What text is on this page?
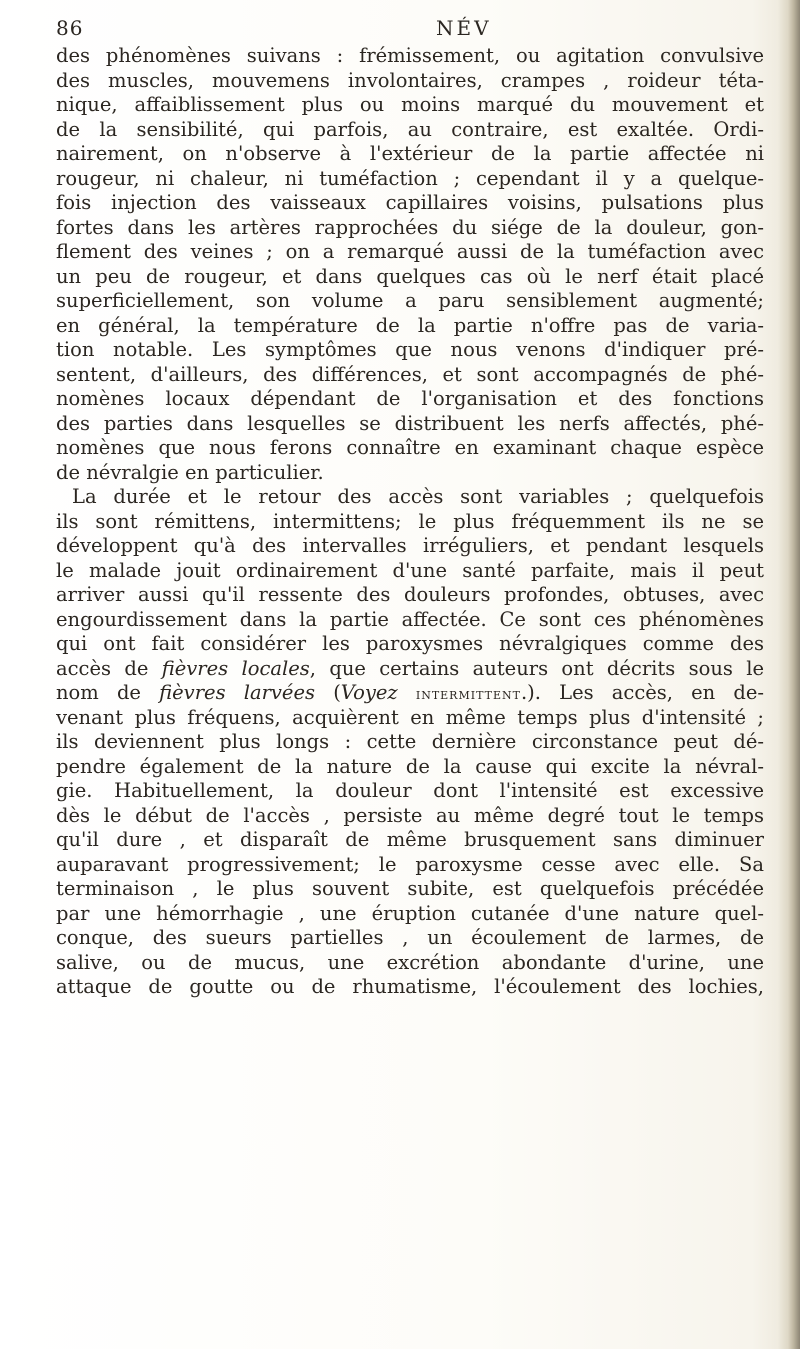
86	NÉV
des phénomènes suivans : frémissement, ou agitation convulsive
des muscles, mouvemens involontaires, crampes , roideur téta-
nique, affaiblissement plus ou moins marqué du mouvement et
de la sensibilité, qui parfois, au contraire, est exaltée. Ordi-
nairement, on n'observe à l'extérieur de la partie affectée ni
rougeur, ni chaleur, ni tuméfaction ; cependant il y a quelque-
fois injection des vaisseaux capillaires voisins, pulsations plus
fortes dans les artères rapprochées du siége de la douleur, gon-
flement des veines ; on a remarqué aussi de la tuméfaction avec
un peu de rougeur, et dans quelques cas où le nerf était placé
superficiellement, son volume a paru sensiblement augmenté;
en général, la température de la partie n'offre pas de varia-
tion notable. Les symptômes que nous venons d'indiquer pré-
sentent, d'ailleurs, des différences, et sont accompagnés de phé-
nomènes locaux dépendant de l'organisation et des fonctions
des parties dans lesquelles se distribuent les nerfs affectés, phé-
nomènes que nous ferons connaître en examinant chaque espèce
de névralgie en particulier.
La durée et le retour des accès sont variables ; quelquefois
ils sont rémittens, intermittens; le plus fréquemment ils ne se
développent qu'à des intervalles irréguliers, et pendant lesquels
le malade jouit ordinairement d'une santé parfaite, mais il peut
arriver aussi qu'il ressente des douleurs profondes, obtuses, avec
engourdissement dans la partie affectée. Ce sont ces phénomènes
qui ont fait considérer les paroxysmes névralgiques comme des
accès de fièvres locales, que certains auteurs ont décrits sous le
nom de fièvres larvées (Voyez intermittent.). Les accès, en de-
venant plus fréquens, acquièrent en même temps plus d'intensité ;
ils deviennent plus longs : cette dernière circonstance peut dé-
pendre également de la nature de la cause qui excite la névral-
gie. Habituellement, la douleur dont l'intensité est excessive
dès le début de l'accès , persiste au même degré tout le temps
qu'il dure , et disparaît de même brusquement sans diminuer
auparavant progressivement; le paroxysme cesse avec elle. Sa
terminaison , le plus souvent subite, est quelquefois précédée
par une hémorrhagie , une éruption cutanée d'une nature quel-
conque, des sueurs partielles , un écoulement de larmes, de
salive, ou de mucus, une excrétion abondante d'urine, une
attaque de goutte ou de rhumatisme, l'écoulement des lochies,
